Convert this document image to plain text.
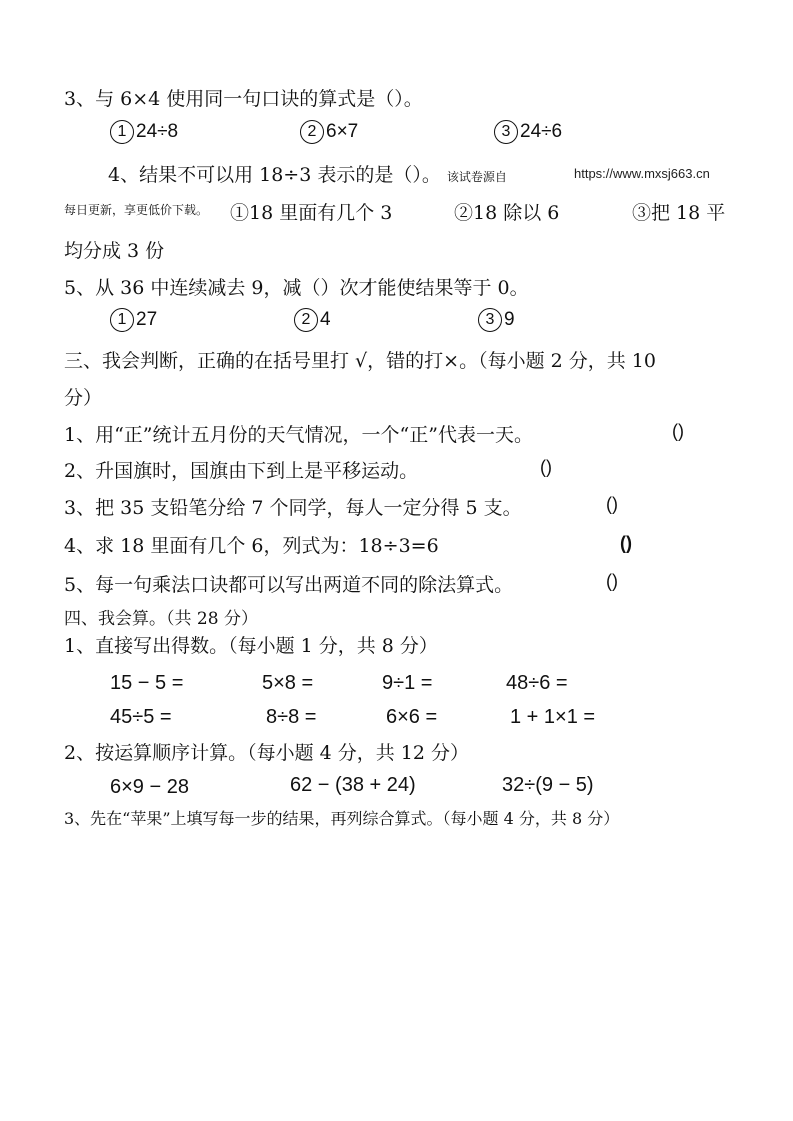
3、与 6×4 使用同一句口诀的算式是（）。
1 24÷8	2 6×7	3 24÷6
4、结果不可以用 18÷3 表示的是（）。 该试卷源自	https://www.mxsj663.cn
每日更新，享更低价下载。 ①18 里面有几个 3	②18 除以 6	③把 18 平
均分成 3 份
5、从 36 中连续减去 9，减（）次才能使结果等于 0。
1 27	2 4	3 9
三、我会判断，正确的在括号里打 √，错的打×。（每小题 2 分，共 10
分）
1、用“正”统计五月份的天气情况，一个“正”代表一天。	()
2、升国旗时，国旗由下到上是平移运动。	()
3、把 35 支铅笔分给 7 个同学，每人一定分得 5 支。	()
4、求 18 里面有几个 6，列式为：18÷3=6	()
5、每一句乘法口诀都可以写出两道不同的除法算式。	()
四、我会算。（共 28 分）
1、直接写出得数。（每小题 1 分，共 8 分）
15 − 5 =	5×8 =	9÷1 =	48÷6 =
45÷5 =	8÷8 =	6×6 =	1 + 1×1 =
2、按运算顺序计算。（每小题 4 分，共 12 分）
6×9 − 28	62 − (38 + 24)	32÷(9 − 5)
3、先在“苹果”上填写每一步的结果，再列综合算式。（每小题 4 分，共 8 分）
